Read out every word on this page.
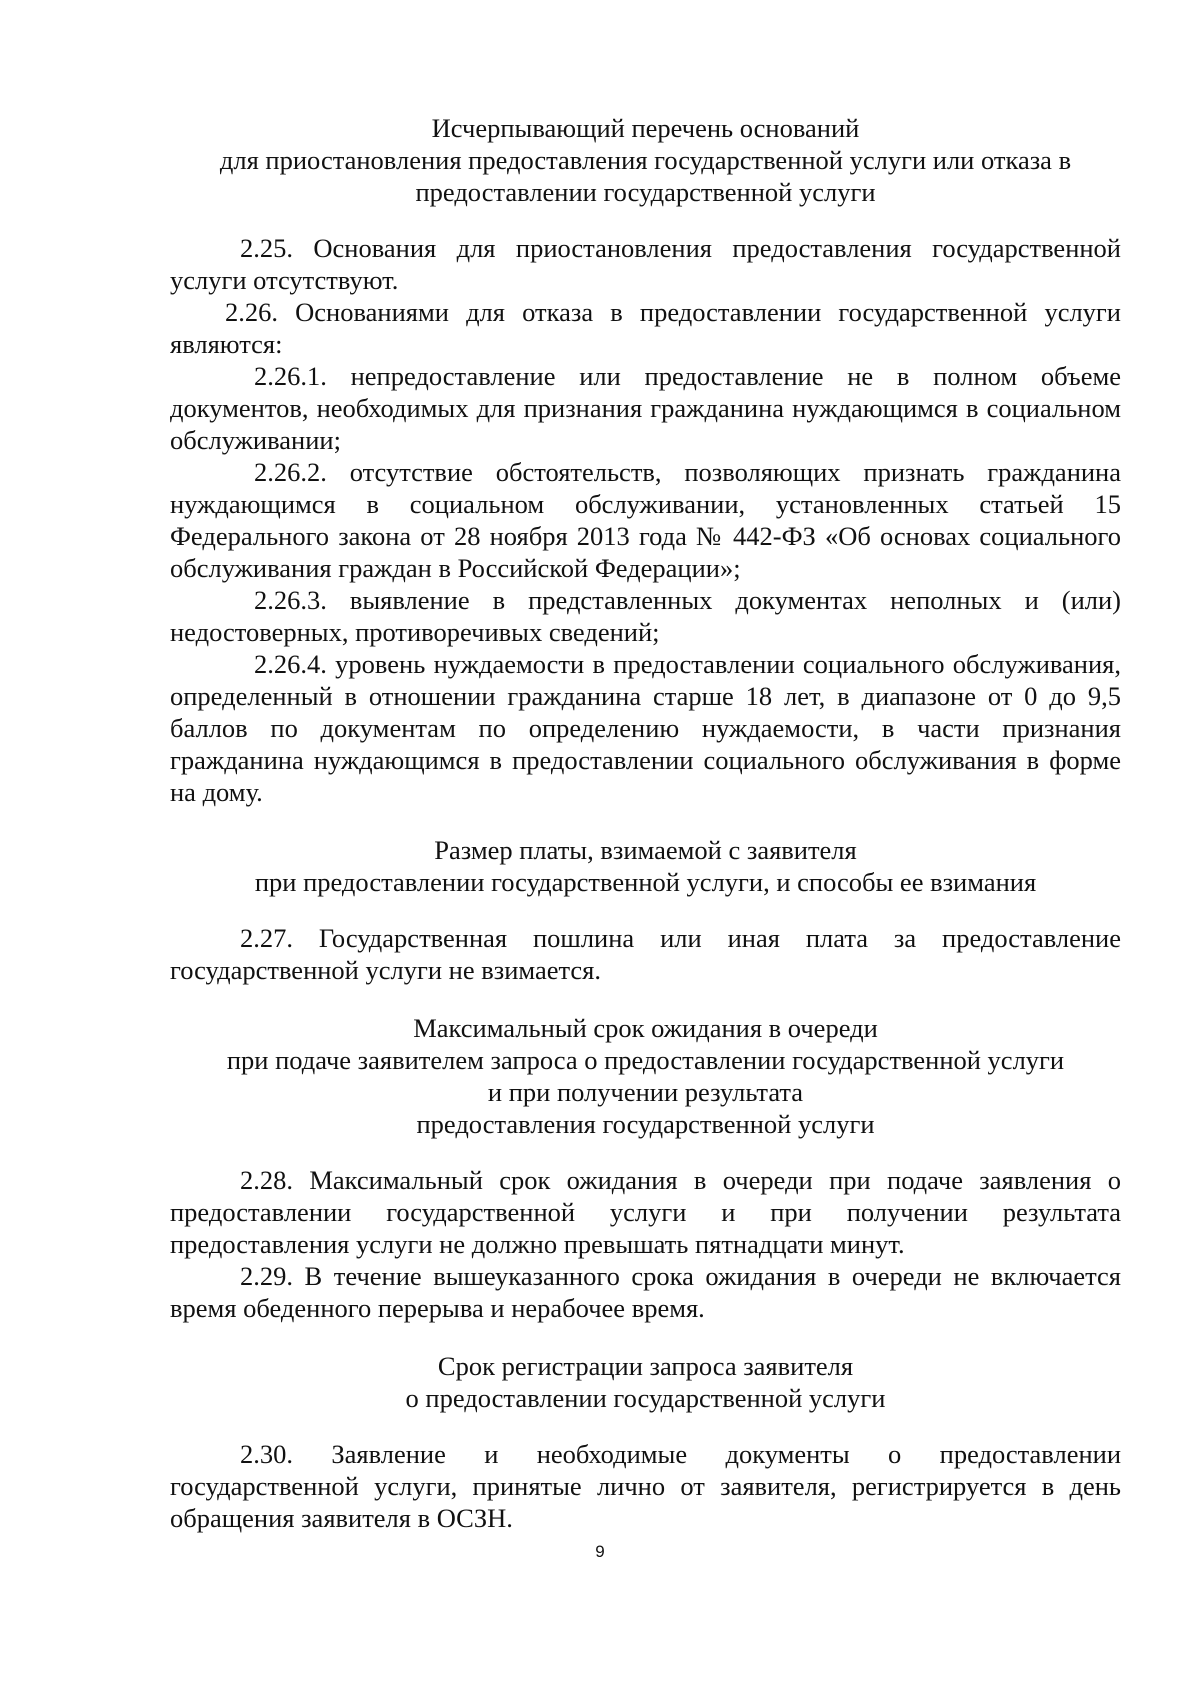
Исчерпывающий перечень оснований
для приостановления предоставления государственной услуги или отказа в
предоставлении государственной услуги

2.25. Основания для приостановления предоставления государственной услуги отсутствуют.

2.26. Основаниями для отказа в предоставлении государственной услуги являются:

2.26.1. непредоставление или предоставление не в полном объеме документов, необходимых для признания гражданина нуждающимся в социальном обслуживании;

2.26.2. отсутствие обстоятельств, позволяющих признать гражданина нуждающимся в социальном обслуживании, установленных статьей 15 Федерального закона от 28 ноября 2013 года № 442-ФЗ «Об основах социального обслуживания граждан в Российской Федерации»;

2.26.3. выявление в представленных документах неполных и (или) недостоверных, противоречивых сведений;

2.26.4. уровень нуждаемости в предоставлении социального обслуживания, определенный в отношении гражданина старше 18 лет, в диапазоне от 0 до 9,5 баллов по документам по определению нуждаемости, в части признания гражданина нуждающимся в предоставлении социального обслуживания в форме на дому.

Размер платы, взимаемой с заявителя
при предоставлении государственной услуги, и способы ее взимания

2.27. Государственная пошлина или иная плата за предоставление государственной услуги не взимается.

Максимальный срок ожидания в очереди
при подаче заявителем запроса о предоставлении государственной услуги
и при получении результата
предоставления государственной услуги

2.28. Максимальный срок ожидания в очереди при подаче заявления о предоставлении государственной услуги и при получении результата предоставления услуги не должно превышать пятнадцати минут.

2.29. В течение вышеуказанного срока ожидания в очереди не включается время обеденного перерыва и нерабочее время.

Срок регистрации запроса заявителя
о предоставлении государственной услуги

2.30. Заявление и необходимые документы о предоставлении государственной услуги, принятые лично от заявителя, регистрируется в день обращения заявителя в ОСЗН.

9
